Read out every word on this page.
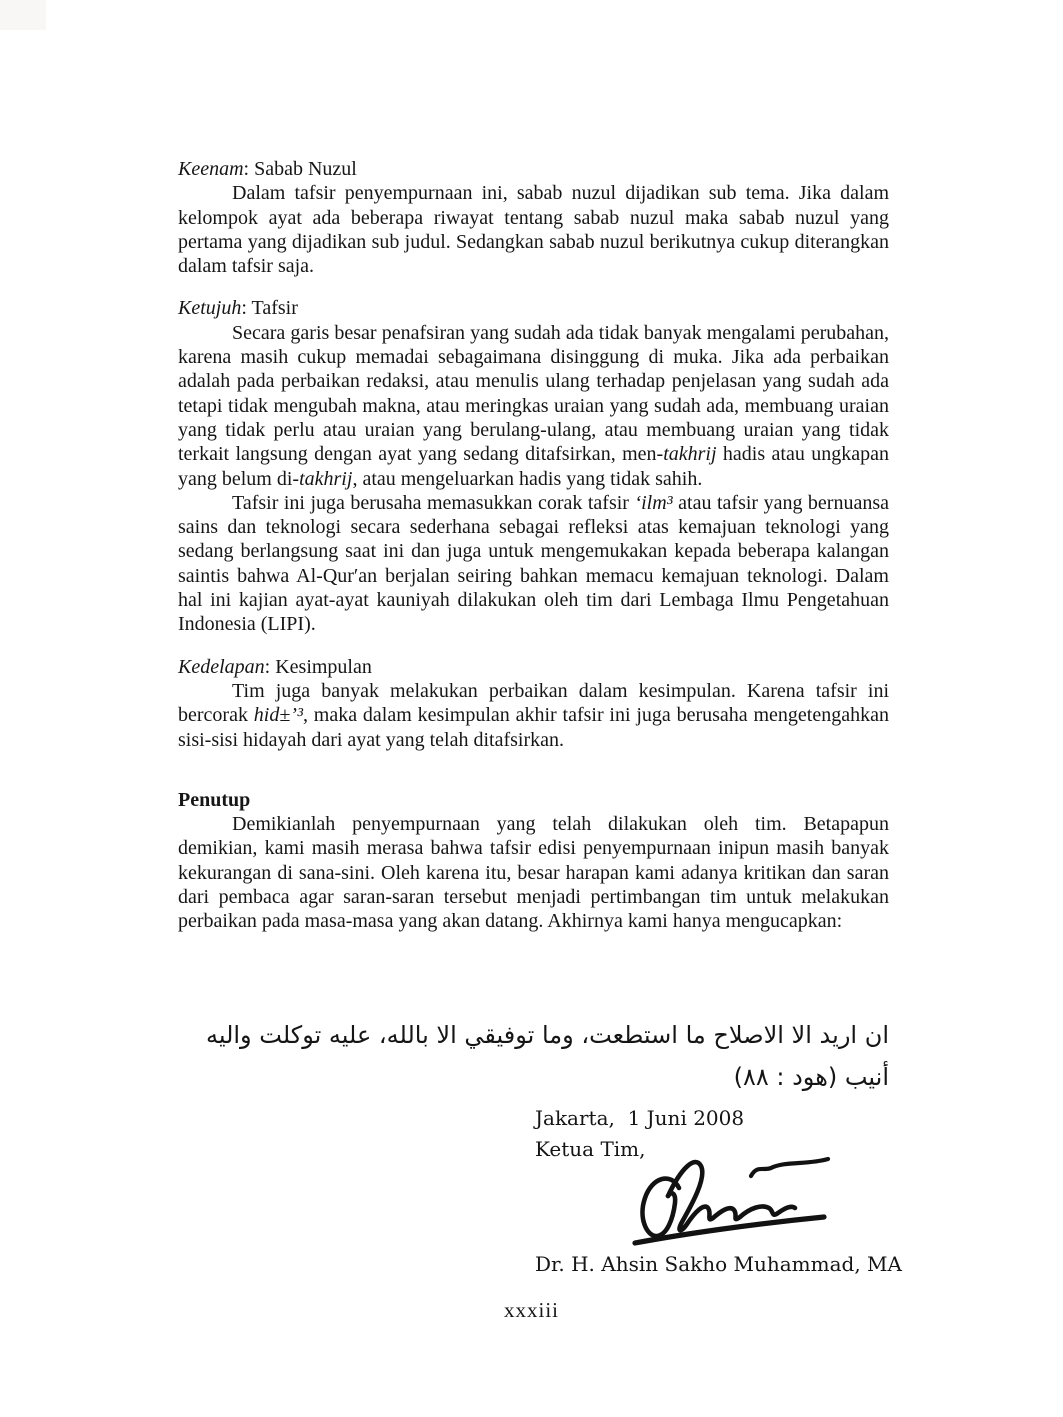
Keenam: Sabab Nuzul

Dalam tafsir penyempurnaan ini, sabab nuzul dijadikan sub tema. Jika dalam kelompok ayat ada beberapa riwayat tentang sabab nuzul maka sabab nuzul yang pertama yang dijadikan sub judul. Sedangkan sabab nuzul berikutnya cukup diterangkan dalam tafsir saja.

Ketujuh: Tafsir

Secara garis besar penafsiran yang sudah ada tidak banyak mengalami perubahan, karena masih cukup memadai sebagaimana disinggung di muka. Jika ada perbaikan adalah pada perbaikan redaksi, atau menulis ulang terhadap penjelasan yang sudah ada tetapi tidak mengubah makna, atau meringkas uraian yang sudah ada, membuang uraian yang tidak perlu atau uraian yang berulang-ulang, atau membuang uraian yang tidak terkait langsung dengan ayat yang sedang ditafsirkan, men-takhrij hadis atau ungkapan yang belum di-takhrij, atau mengeluarkan hadis yang tidak sahih.

Tafsir ini juga berusaha memasukkan corak tafsir ‘ilm³ atau tafsir yang bernuansa sains dan teknologi secara sederhana sebagai refleksi atas kemajuan teknologi yang sedang berlangsung saat ini dan juga untuk mengemukakan kepada beberapa kalangan saintis bahwa Al-Qur′an berjalan seiring bahkan memacu kemajuan teknologi. Dalam hal ini kajian ayat-ayat kauniyah dilakukan oleh tim dari Lembaga Ilmu Pengetahuan Indonesia (LIPI).

Kedelapan: Kesimpulan

Tim juga banyak melakukan perbaikan dalam kesimpulan. Karena tafsir ini bercorak hid±’³, maka dalam kesimpulan akhir tafsir ini juga berusaha mengetengahkan sisi-sisi hidayah dari ayat yang telah ditafsirkan.

Penutup

Demikianlah penyempurnaan yang telah dilakukan oleh tim. Betapapun demikian, kami masih merasa bahwa tafsir edisi penyempurnaan inipun masih banyak kekurangan di sana-sini. Oleh karena itu, besar harapan kami adanya kritikan dan saran dari pembaca agar saran-saran tersebut menjadi pertimbangan tim untuk melakukan perbaikan pada masa-masa yang akan datang. Akhirnya kami hanya mengucapkan:

ان اريد الا الاصلاح ما استطعت، وما توفيقي الا بالله، عليه توكلت واليه أنيب (هود : ٨٨)

Jakarta,  1 Juni 2008
Ketua Tim,
Dr. H. Ahsin Sakho Muhammad, MA
xxxiii
